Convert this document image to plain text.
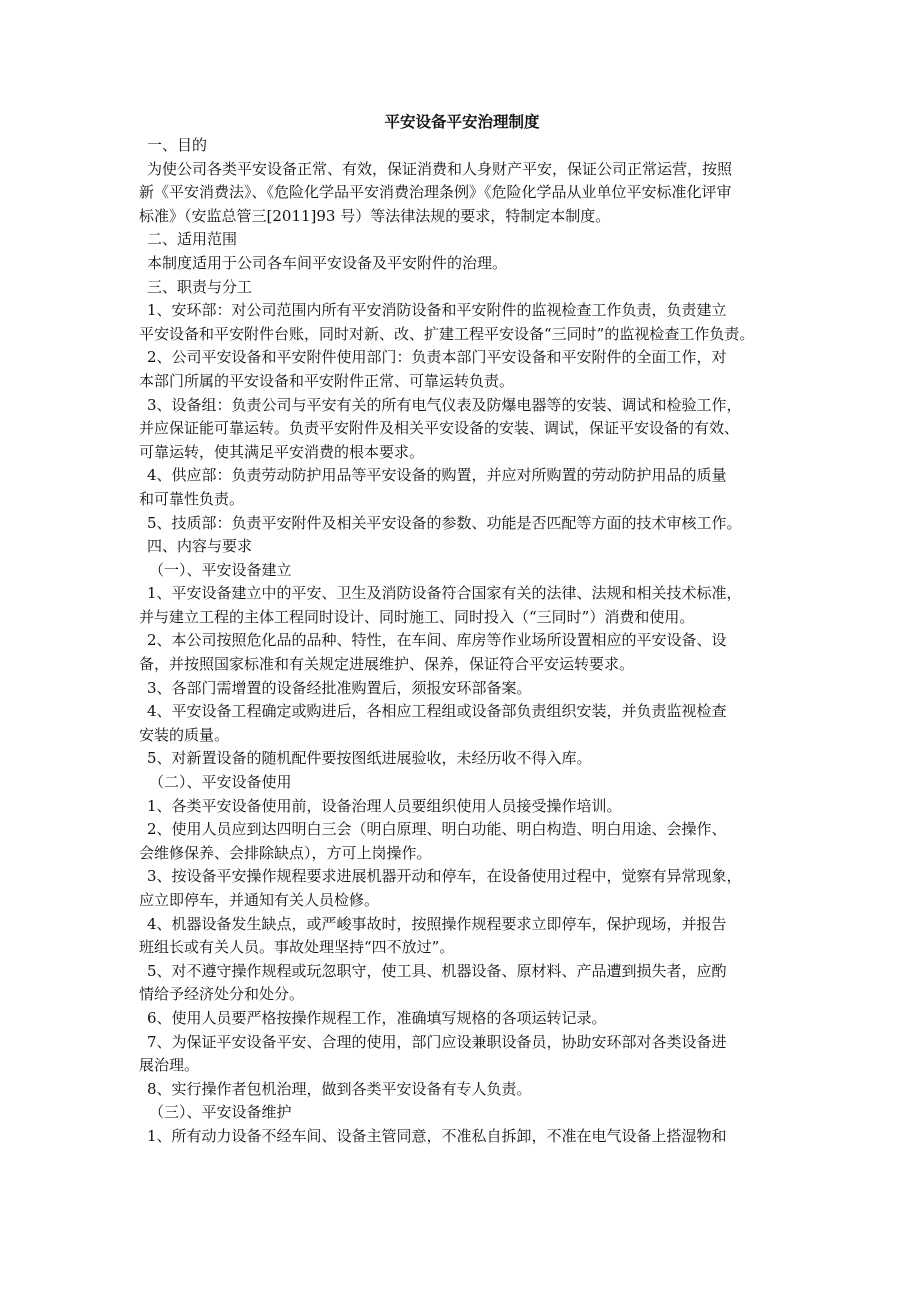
平安设备平安治理制度
一、目的
为使公司各类平安设备正常、有效，保证消费和人身财产平安，保证公司正常运营，按照
新《平安消费法》、《危险化学品平安消费治理条例》《危险化学品从业单位平安标准化评审
标准》（安监总管三[2011]93 号）等法律法规的要求，特制定本制度。
二、适用范围
本制度适用于公司各车间平安设备及平安附件的治理。
三、职责与分工
1、安环部：对公司范围内所有平安消防设备和平安附件的监视检查工作负责，负责建立
平安设备和平安附件台账，同时对新、改、扩建工程平安设备“三同时”的监视检查工作负责。
2、公司平安设备和平安附件使用部门：负责本部门平安设备和平安附件的全面工作，对
本部门所属的平安设备和平安附件正常、可靠运转负责。
3、设备组：负责公司与平安有关的所有电气仪表及防爆电器等的安装、调试和检验工作，
并应保证能可靠运转。负责平安附件及相关平安设备的安装、调试，保证平安设备的有效、
可靠运转，使其满足平安消费的根本要求。
4、供应部：负责劳动防护用品等平安设备的购置，并应对所购置的劳动防护用品的质量
和可靠性负责。
5、技质部：负责平安附件及相关平安设备的参数、功能是否匹配等方面的技术审核工作。
四、内容与要求
（一）、平安设备建立
1、平安设备建立中的平安、卫生及消防设备符合国家有关的法律、法规和相关技术标准，
并与建立工程的主体工程同时设计、同时施工、同时投入（“三同时”）消费和使用。
2、本公司按照危化品的品种、特性，在车间、库房等作业场所设置相应的平安设备、设
备，并按照国家标准和有关规定进展维护、保养，保证符合平安运转要求。
3、各部门需增置的设备经批准购置后，须报安环部备案。
4、平安设备工程确定或购进后，各相应工程组或设备部负责组织安装，并负责监视检查
安装的质量。
5、对新置设备的随机配件要按图纸进展验收，未经历收不得入库。
（二）、平安设备使用
1、各类平安设备使用前，设备治理人员要组织使用人员接受操作培训。
2、使用人员应到达四明白三会（明白原理、明白功能、明白构造、明白用途、会操作、
会维修保养、会排除缺点），方可上岗操作。
3、按设备平安操作规程要求进展机器开动和停车，在设备使用过程中，觉察有异常现象，
应立即停车，并通知有关人员检修。
4、机器设备发生缺点，或严峻事故时，按照操作规程要求立即停车，保护现场，并报告
班组长或有关人员。事故处理坚持“四不放过”。
5、对不遵守操作规程或玩忽职守，使工具、机器设备、原材料、产品遭到损失者，应酌
情给予经济处分和处分。
6、使用人员要严格按操作规程工作，准确填写规格的各项运转记录。
7、为保证平安设备平安、合理的使用，部门应设兼职设备员，协助安环部对各类设备进
展治理。
8、实行操作者包机治理，做到各类平安设备有专人负责。
（三）、平安设备维护
1、所有动力设备不经车间、设备主管同意，不准私自拆卸，不准在电气设备上搭湿物和
